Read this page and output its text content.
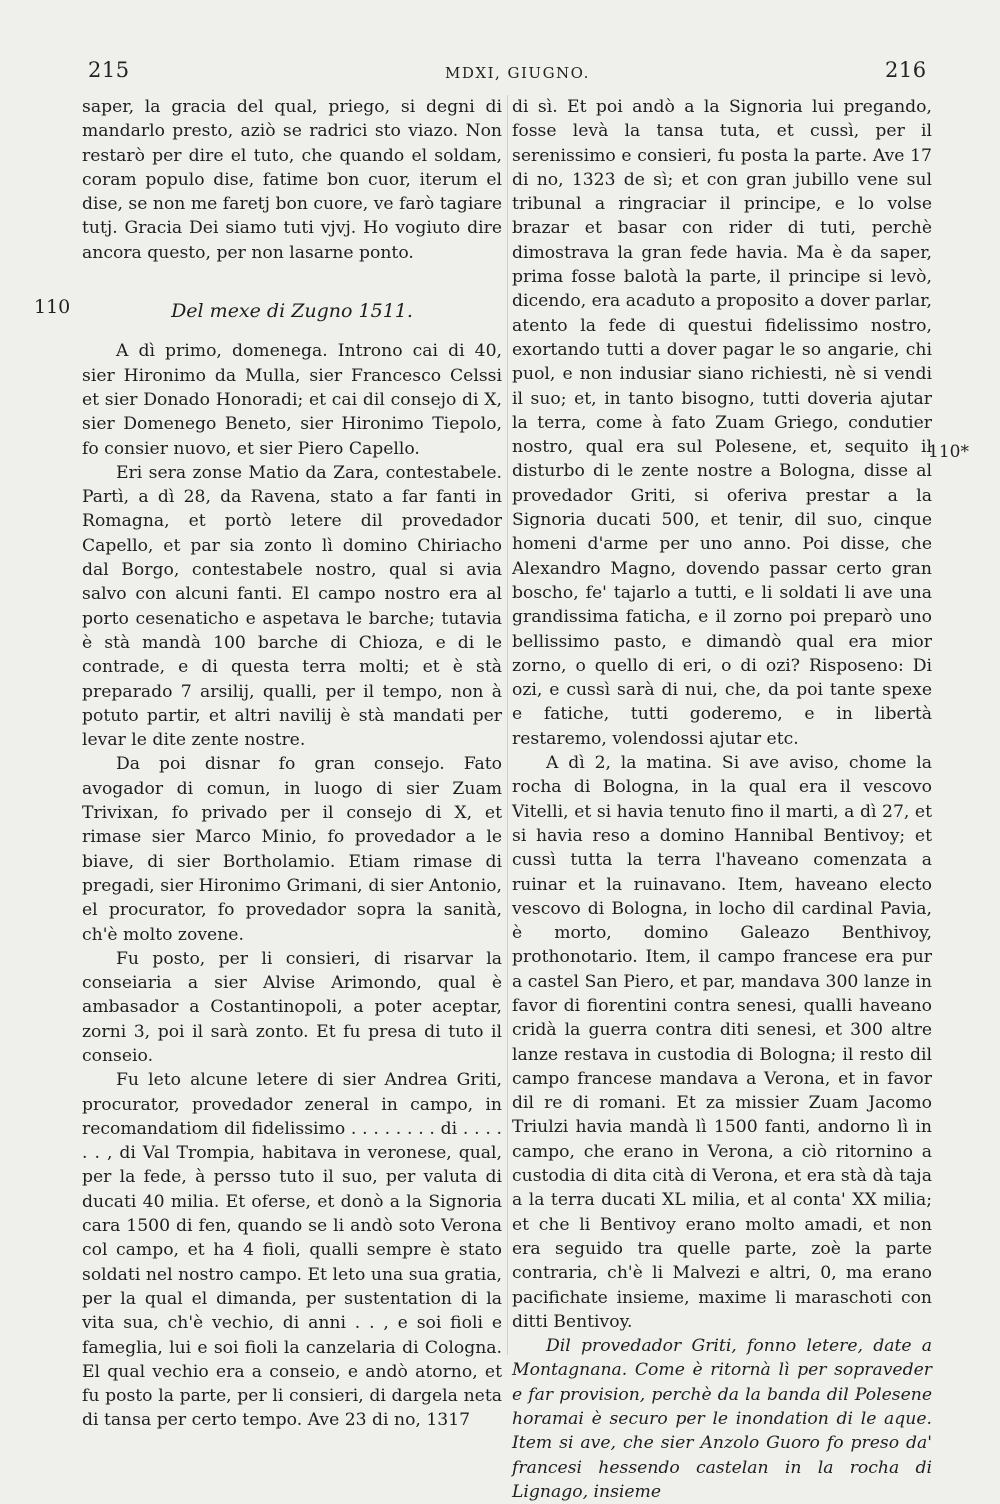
215	MDXI, GIUGNO.	216
110
110*

saper, la gracia del qual, priego, si degni di mandarlo presto, aziò se radrici sto viazo. Non restarò per dire el tuto, che quando el soldam, coram populo dise, fatime bon cuor, iterum el dise, se non me faretj bon cuore, ve farò tagiare tutj. Gracia Dei siamo tuti vjvj. Ho vogiuto dire ancora questo, per non lasarne ponto.

Del mexe di Zugno 1511.

A dì primo, domenega. Introno cai di 40, sier Hironimo da Mulla, sier Francesco Celssi et sier Donado Honoradi; et cai dil consejo di X, sier Domenego Beneto, sier Hironimo Tiepolo, fo consier nuovo, et sier Piero Capello.

Eri sera zonse Matio da Zara, contestabele. Partì, a dì 28, da Ravena, stato a far fanti in Romagna, et portò letere dil provedador Capello, et par sia zonto lì domino Chiriacho dal Borgo, contestabele nostro, qual si avia salvo con alcuni fanti. El campo nostro era al porto cesenaticho e aspetava le barche; tutavia è stà mandà 100 barche di Chioza, e di le contrade, e di questa terra molti; et è stà preparado 7 arsilij, qualli, per il tempo, non à potuto partir, et altri navilij è stà mandati per levar le dite zente nostre.

Da poi disnar fo gran consejo. Fato avogador di comun, in luogo di sier Zuam Trivixan, fo privado per il consejo di X, et rimase sier Marco Minio, fo provedador a le biave, di sier Bortholamio. Etiam rimase di pregadi, sier Hironimo Grimani, di sier Antonio, el procurator, fo provedador sopra la sanità, ch'è molto zovene.

Fu posto, per li consieri, di risarvar la conseiaria a sier Alvise Arimondo, qual è ambasador a Costantinopoli, a poter aceptar, zorni 3, poi il sarà zonto. Et fu presa di tuto il conseio.

Fu leto alcune letere di sier Andrea Griti, procurator, provedador zeneral in campo, in recomandatiom dil fidelissimo . . . . . . . . di . . . . . . , di Val Trompia, habitava in veronese, qual, per la fede, à persso tuto il suo, per valuta di ducati 40 milia. Et oferse, et donò a la Signoria cara 1500 di fen, quando se li andò soto Verona col campo, et ha 4 fioli, qualli sempre è stato soldati nel nostro campo. Et leto una sua gratia, per la qual el dimanda, per sustentation di la vita sua, ch'è vechio, di anni . . , e soi fioli e fameglia, lui e soi fioli la canzelaria di Cologna. El qual vechio era a conseio, e andò atorno, et fu posto la parte, per li consieri, di dargela neta di tansa per certo tempo. Ave 23 di no, 1317

di sì. Et poi andò a la Signoria lui pregando, fosse levà la tansa tuta, et cussì, per il serenissimo e consieri, fu posta la parte. Ave 17 di no, 1323 de sì; et con gran jubillo vene sul tribunal a ringraciar il principe, e lo volse brazar et basar con rider di tuti, perchè dimostrava la gran fede havia. Ma è da saper, prima fosse balotà la parte, il principe si levò, dicendo, era acaduto a proposito a dover parlar, atento la fede di questui fidelissimo nostro, exortando tutti a dover pagar le so angarie, chi puol, e non indusiar siano richiesti, nè si vendi il suo; et, in tanto bisogno, tutti doveria ajutar la terra, come à fato Zuam Griego, condutier nostro, qual era sul Polesene, et, sequito il disturbo di le zente nostre a Bologna, disse al provedador Griti, si oferiva prestar a la Signoria ducati 500, et tenir, dil suo, cinque homeni d'arme per uno anno. Poi disse, che Alexandro Magno, dovendo passar certo gran boscho, fe' tajarlo a tutti, e li soldati li ave una grandissima faticha, e il zorno poi preparò uno bellissimo pasto, e dimandò qual era mior zorno, o quello di eri, o di ozi? Risposeno: Di ozi, e cussì sarà di nui, che, da poi tante spexe e fatiche, tutti goderemo, e in libertà restaremo, volendossi ajutar etc.

A dì 2, la matina. Si ave aviso, chome la rocha di Bologna, in la qual era il vescovo Vitelli, et si havia tenuto fino il marti, a dì 27, et si havia reso a domino Hannibal Bentivoy; et cussì tutta la terra l'haveano comenzata a ruinar et la ruinavano. Item, haveano electo vescovo di Bologna, in locho dil cardinal Pavia, è morto, domino Galeazo Benthivoy, prothonotario. Item, il campo francese era pur a castel San Piero, et par, mandava 300 lanze in favor di fiorentini contra senesi, qualli haveano cridà la guerra contra diti senesi, et 300 altre lanze restava in custodia di Bologna; il resto dil campo francese mandava a Verona, et in favor dil re di romani. Et za missier Zuam Jacomo Triulzi havia mandà lì 1500 fanti, andorno lì in campo, che erano in Verona, a ciò ritornino a custodia di dita cità di Verona, et era stà dà taja a la terra ducati XL milia, et al conta' XX milia; et che li Bentivoy erano molto amadi, et non era seguido tra quelle parte, zoè la parte contraria, ch'è li Malvezi e altri, 0, ma erano pacifichate insieme, maxime li maraschoti con ditti Bentivoy.

Dil provedador Griti, fonno letere, date a Montagnana. Come è ritornà lì per sopraveder e far provision, perchè da la banda dil Polesene horamai è securo per le inondation di le aque. Item si ave, che sier Anzolo Guoro fo preso da' francesi hessendo castelan in la rocha di Lignago, insieme
